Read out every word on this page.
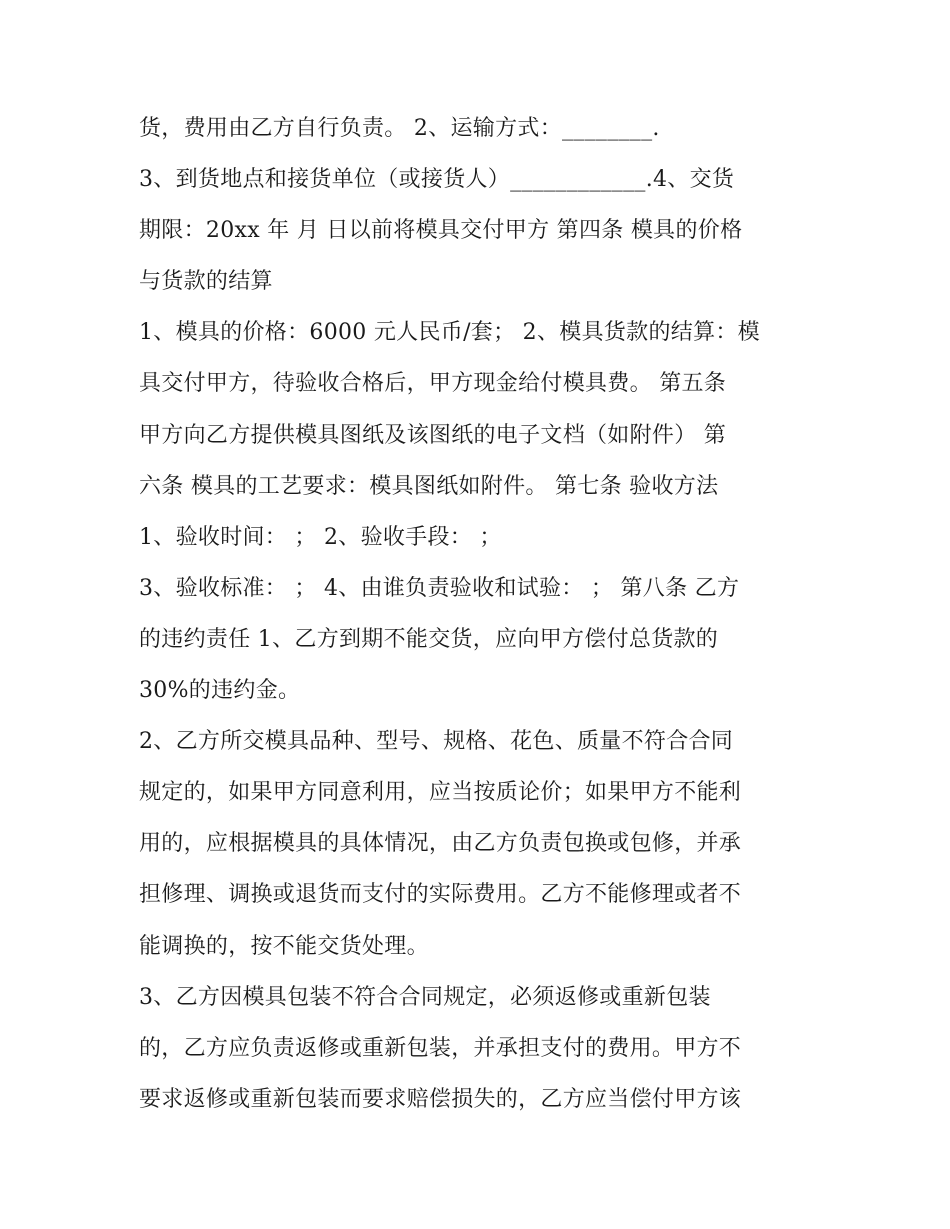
货，费用由乙方自行负责。 2、运输方式：________.
3、到货地点和接货单位（或接货人）____________.4、交货
期限：20xx 年 月 日以前将模具交付甲方 第四条 模具的价格
与货款的结算
1、模具的价格：6000 元人民币/套； 2、模具货款的结算：模
具交付甲方，待验收合格后，甲方现金给付模具费。 第五条
甲方向乙方提供模具图纸及该图纸的电子文档（如附件） 第
六条 模具的工艺要求：模具图纸如附件。 第七条 验收方法
1、验收时间： ； 2、验收手段： ；
3、验收标准： ； 4、由谁负责验收和试验： ； 第八条 乙方
的违约责任 1、乙方到期不能交货，应向甲方偿付总货款的
30%的违约金。
2、乙方所交模具品种、型号、规格、花色、质量不符合合同
规定的，如果甲方同意利用，应当按质论价；如果甲方不能利
用的，应根据模具的具体情况，由乙方负责包换或包修，并承
担修理、调换或退货而支付的实际费用。乙方不能修理或者不
能调换的，按不能交货处理。
3、乙方因模具包装不符合合同规定，必须返修或重新包装
的，乙方应负责返修或重新包装，并承担支付的费用。甲方不
要求返修或重新包装而要求赔偿损失的，乙方应当偿付甲方该
